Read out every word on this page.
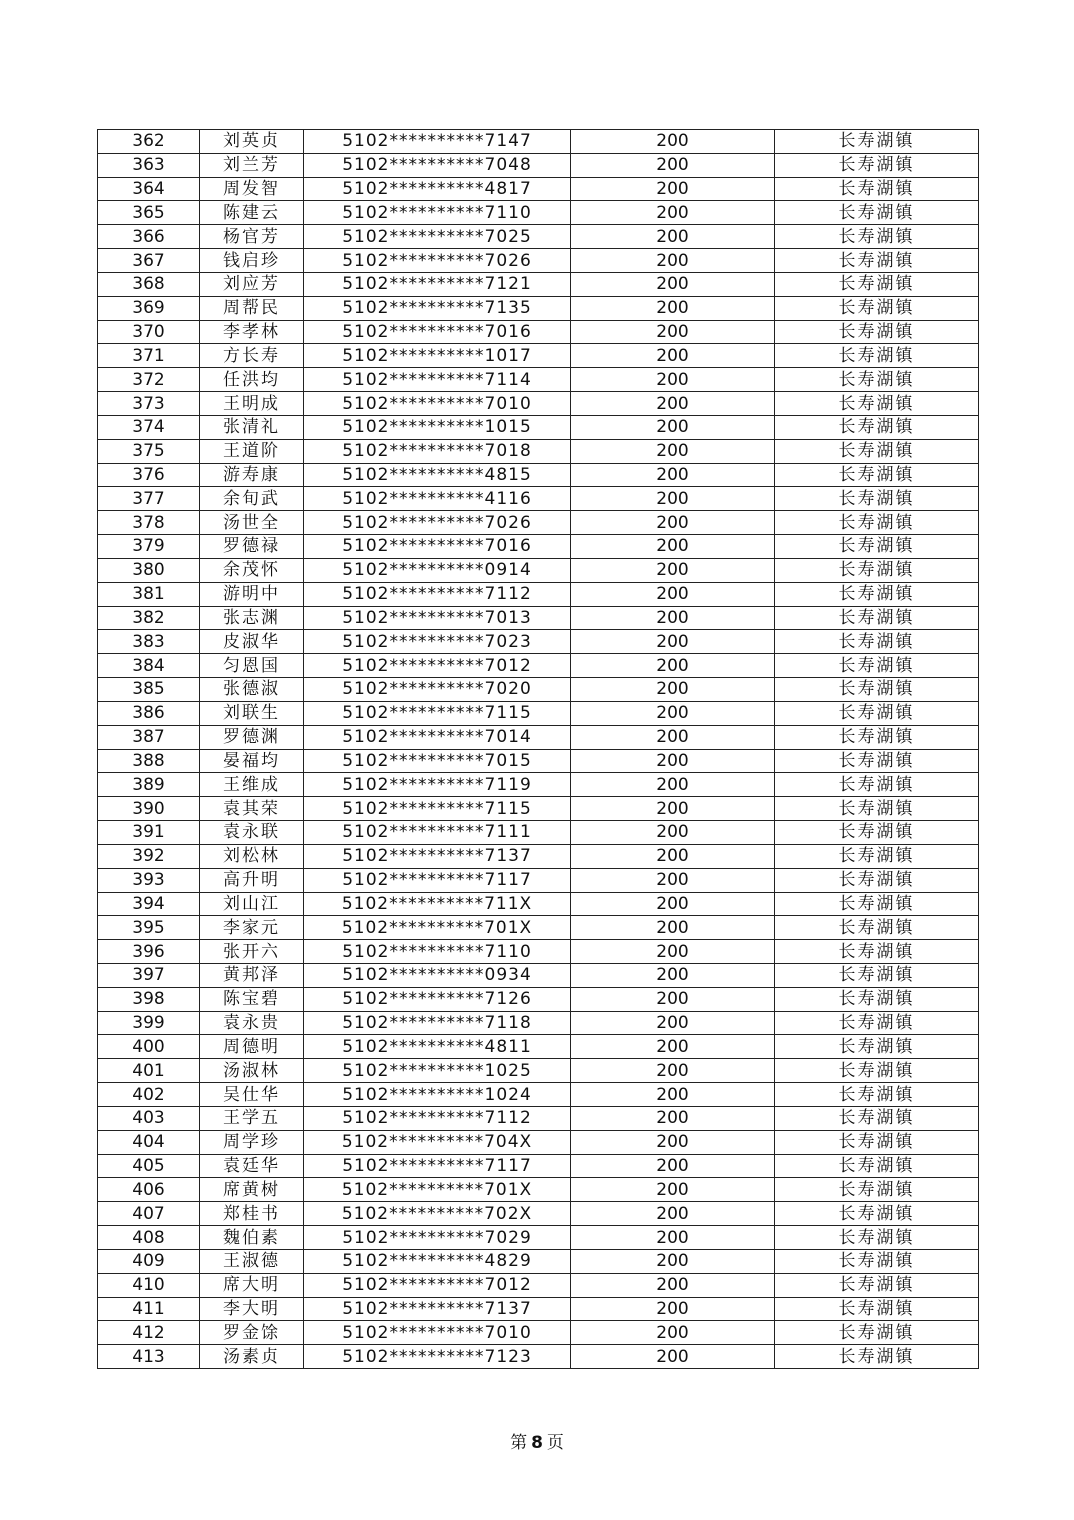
362	刘英贞	5102**********7147	200	长寿湖镇
363	刘兰芳	5102**********7048	200	长寿湖镇
364	周发智	5102**********4817	200	长寿湖镇
365	陈建云	5102**********7110	200	长寿湖镇
366	杨官芳	5102**********7025	200	长寿湖镇
367	钱启珍	5102**********7026	200	长寿湖镇
368	刘应芳	5102**********7121	200	长寿湖镇
369	周帮民	5102**********7135	200	长寿湖镇
370	李孝林	5102**********7016	200	长寿湖镇
371	方长寿	5102**********1017	200	长寿湖镇
372	任洪均	5102**********7114	200	长寿湖镇
373	王明成	5102**********7010	200	长寿湖镇
374	张清礼	5102**********1015	200	长寿湖镇
375	王道阶	5102**********7018	200	长寿湖镇
376	游寿康	5102**********4815	200	长寿湖镇
377	余旬武	5102**********4116	200	长寿湖镇
378	汤世全	5102**********7026	200	长寿湖镇
379	罗德禄	5102**********7016	200	长寿湖镇
380	余茂怀	5102**********0914	200	长寿湖镇
381	游明中	5102**********7112	200	长寿湖镇
382	张志渊	5102**********7013	200	长寿湖镇
383	皮淑华	5102**********7023	200	长寿湖镇
384	匀恩国	5102**********7012	200	长寿湖镇
385	张德淑	5102**********7020	200	长寿湖镇
386	刘联生	5102**********7115	200	长寿湖镇
387	罗德渊	5102**********7014	200	长寿湖镇
388	晏福均	5102**********7015	200	长寿湖镇
389	王维成	5102**********7119	200	长寿湖镇
390	袁其荣	5102**********7115	200	长寿湖镇
391	袁永联	5102**********7111	200	长寿湖镇
392	刘松林	5102**********7137	200	长寿湖镇
393	高升明	5102**********7117	200	长寿湖镇
394	刘山江	5102**********711X	200	长寿湖镇
395	李家元	5102**********701X	200	长寿湖镇
396	张开六	5102**********7110	200	长寿湖镇
397	黄邦泽	5102**********0934	200	长寿湖镇
398	陈宝碧	5102**********7126	200	长寿湖镇
399	袁永贵	5102**********7118	200	长寿湖镇
400	周德明	5102**********4811	200	长寿湖镇
401	汤淑林	5102**********1025	200	长寿湖镇
402	吴仕华	5102**********1024	200	长寿湖镇
403	王学五	5102**********7112	200	长寿湖镇
404	周学珍	5102**********704X	200	长寿湖镇
405	袁廷华	5102**********7117	200	长寿湖镇
406	席黄树	5102**********701X	200	长寿湖镇
407	郑桂书	5102**********702X	200	长寿湖镇
408	魏伯素	5102**********7029	200	长寿湖镇
409	王淑德	5102**********4829	200	长寿湖镇
410	席大明	5102**********7012	200	长寿湖镇
411	李大明	5102**********7137	200	长寿湖镇
412	罗金馀	5102**********7010	200	长寿湖镇
413	汤素贞	5102**********7123	200	长寿湖镇
第 8 页
